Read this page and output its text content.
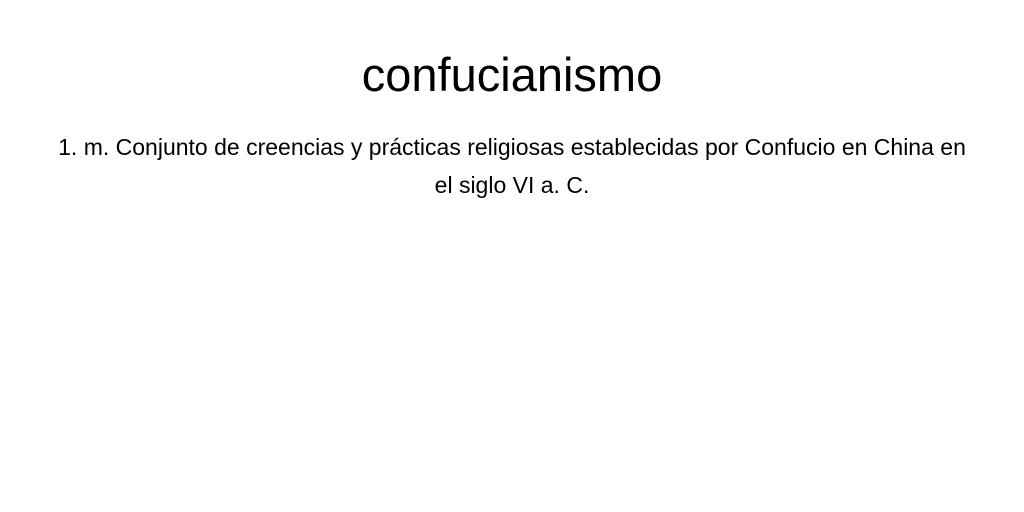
confucianismo

1. m. Conjunto de creencias y prácticas religiosas establecidas por Confucio en China en el siglo VI a. C.
